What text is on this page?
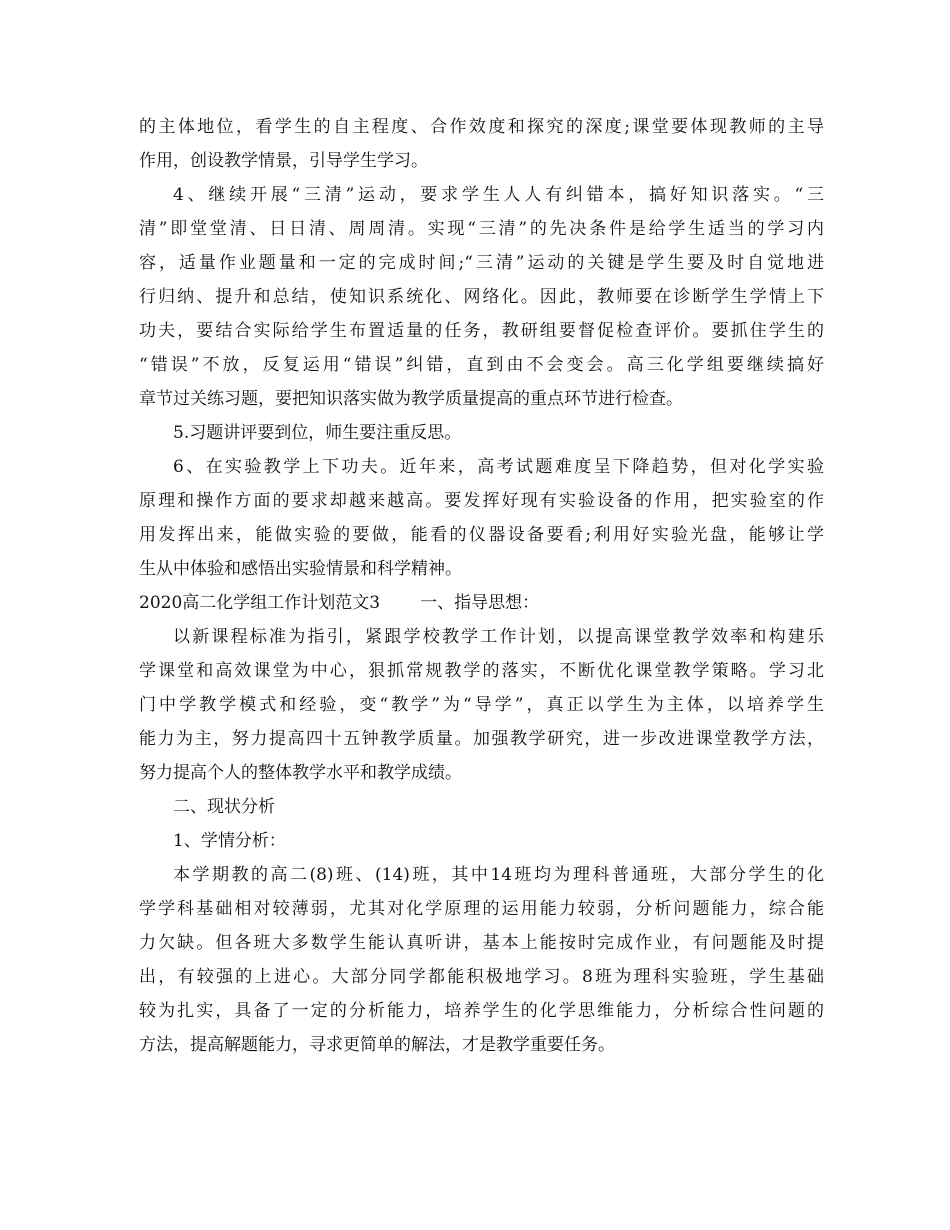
的主体地位，看学生的自主程度、合作效度和探究的深度;课堂要体现教师的主导
作用，创设教学情景，引导学生学习。
4、继续开展“三清”运动，要求学生人人有纠错本，搞好知识落实。“三
清”即堂堂清、日日清、周周清。实现“三清”的先决条件是给学生适当的学习内
容，适量作业题量和一定的完成时间;“三清”运动的关键是学生要及时自觉地进
行归纳、提升和总结，使知识系统化、网络化。因此，教师要在诊断学生学情上下
功夫，要结合实际给学生布置适量的任务，教研组要督促检查评价。要抓住学生的
“错误”不放，反复运用“错误”纠错，直到由不会变会。高三化学组要继续搞好
章节过关练习题，要把知识落实做为教学质量提高的重点环节进行检查。
5.习题讲评要到位，师生要注重反思。
6、在实验教学上下功夫。近年来，高考试题难度呈下降趋势，但对化学实验
原理和操作方面的要求却越来越高。要发挥好现有实验设备的作用，把实验室的作
用发挥出来，能做实验的要做，能看的仪器设备要看;利用好实验光盘，能够让学
生从中体验和感悟出实验情景和科学精神。
2020高二化学组工作计划范文3 一、指导思想：
以新课程标准为指引，紧跟学校教学工作计划，以提高课堂教学效率和构建乐
学课堂和高效课堂为中心，狠抓常规教学的落实，不断优化课堂教学策略。学习北
门中学教学模式和经验，变“教学”为“导学”，真正以学生为主体，以培养学生
能力为主，努力提高四十五钟教学质量。加强教学研究，进一步改进课堂教学方法，
努力提高个人的整体教学水平和教学成绩。
二、现状分析
1、学情分析：
本学期教的高二(8)班、(14)班，其中14班均为理科普通班，大部分学生的化
学学科基础相对较薄弱，尤其对化学原理的运用能力较弱，分析问题能力，综合能
力欠缺。但各班大多数学生能认真听讲，基本上能按时完成作业，有问题能及时提
出，有较强的上进心。大部分同学都能积极地学习。8班为理科实验班，学生基础
较为扎实，具备了一定的分析能力，培养学生的化学思维能力，分析综合性问题的
方法，提高解题能力，寻求更简单的解法，才是教学重要任务。
